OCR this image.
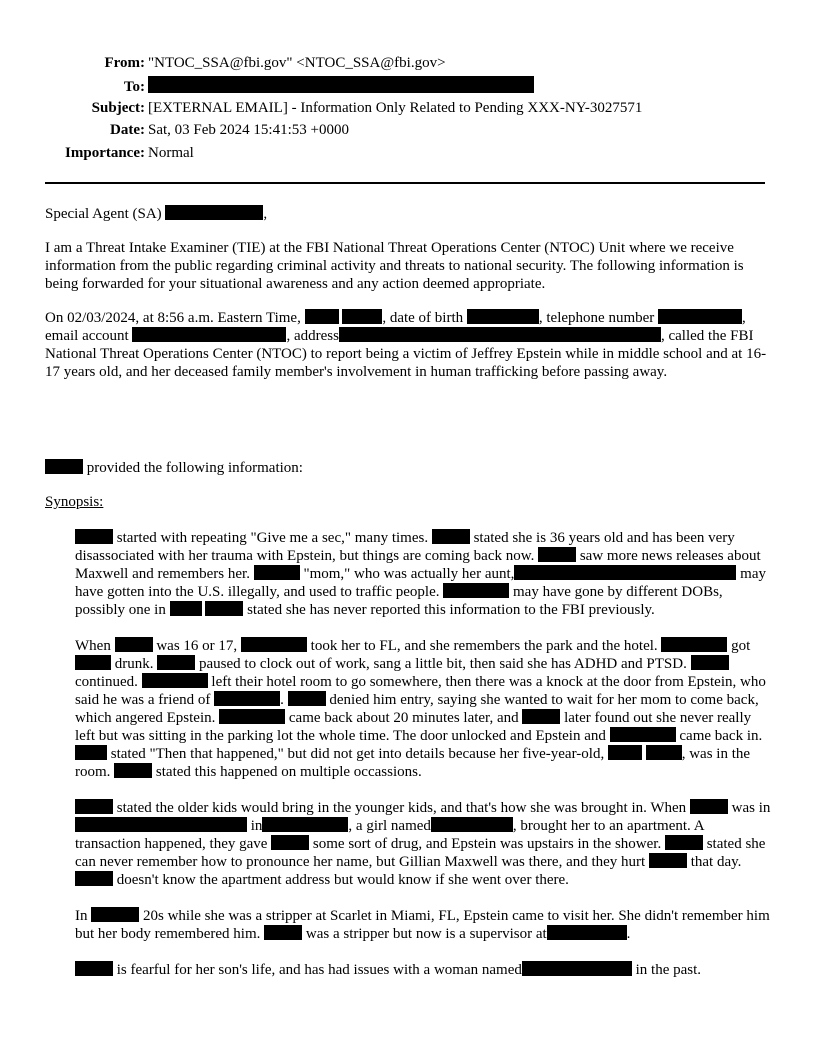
From: "NTOC_SSA@fbi.gov" <NTOC_SSA@fbi.gov>
To:
Subject: [EXTERNAL EMAIL] - Information Only Related to Pending XXX-NY-3027571
Date: Sat, 03 Feb 2024 15:41:53 +0000
Importance: Normal

Special Agent (SA)	,

I am a Threat Intake Examiner (TIE) at the FBI National Threat Operations Center (NTOC) Unit where we receive information from the public regarding criminal activity and threats to national security. The following information is being forwarded for your situational awareness and any action deemed appropriate.

On 02/03/2024, at 8:56 a.m. Eastern Time,	, date of birth	, telephone number	, email account	, address	, called the FBI National Threat Operations Center (NTOC) to report being a victim of Jeffrey Epstein while in middle school and at 16-17 years old, and her deceased family member's involvement in human trafficking before passing away.

provided the following information:

Synopsis:

started with repeating "Give me a sec," many times.	stated she is 36 years old and has been very disassociated with her trauma with Epstein, but things are coming back now.	saw more news releases about Maxwell and remembers her.	"mom," who was actually her aunt,	may have gotten into the U.S. illegally, and used to traffic people.	may have gone by different DOBs, possibly one in	stated she has never reported this information to the FBI previously.

When	was 16 or 17,	took her to FL, and she remembers the park and the hotel.	got  drunk.	paused to clock out of work, sang a little bit, then said she has ADHD and PTSD.  continued.	left their hotel room to go somewhere, then there was a knock at the door from Epstein, who said he was a friend of	.	denied him entry, saying she wanted to wait for her mom to come back, which angered Epstein.	came back about 20 minutes later, and	later found out she never really left but was sitting in the parking lot the whole time. The door unlocked and Epstein and	came back in.  stated "Then that happened," but did not get into details because her five-year-old,	, was in the room.	stated this happened on multiple occassions.

stated the older kids would bring in the younger kids, and that's how she was brought in. When	was in  in	, a girl named	, brought her to an apartment. A transaction happened, they gave	some sort of drug, and Epstein was upstairs in the shower.	stated she can never remember how to pronounce her name, but Gillian Maxwell was there, and they hurt	that day.  doesn't know the apartment address but would know if she went over there.

In	20s while she was a stripper at Scarlet in Miami, FL, Epstein came to visit her. She didn't remember him but her body remembered him.	was a stripper but now is a supervisor at	.

is fearful for her son's life, and has had issues with a woman named	in the past.
